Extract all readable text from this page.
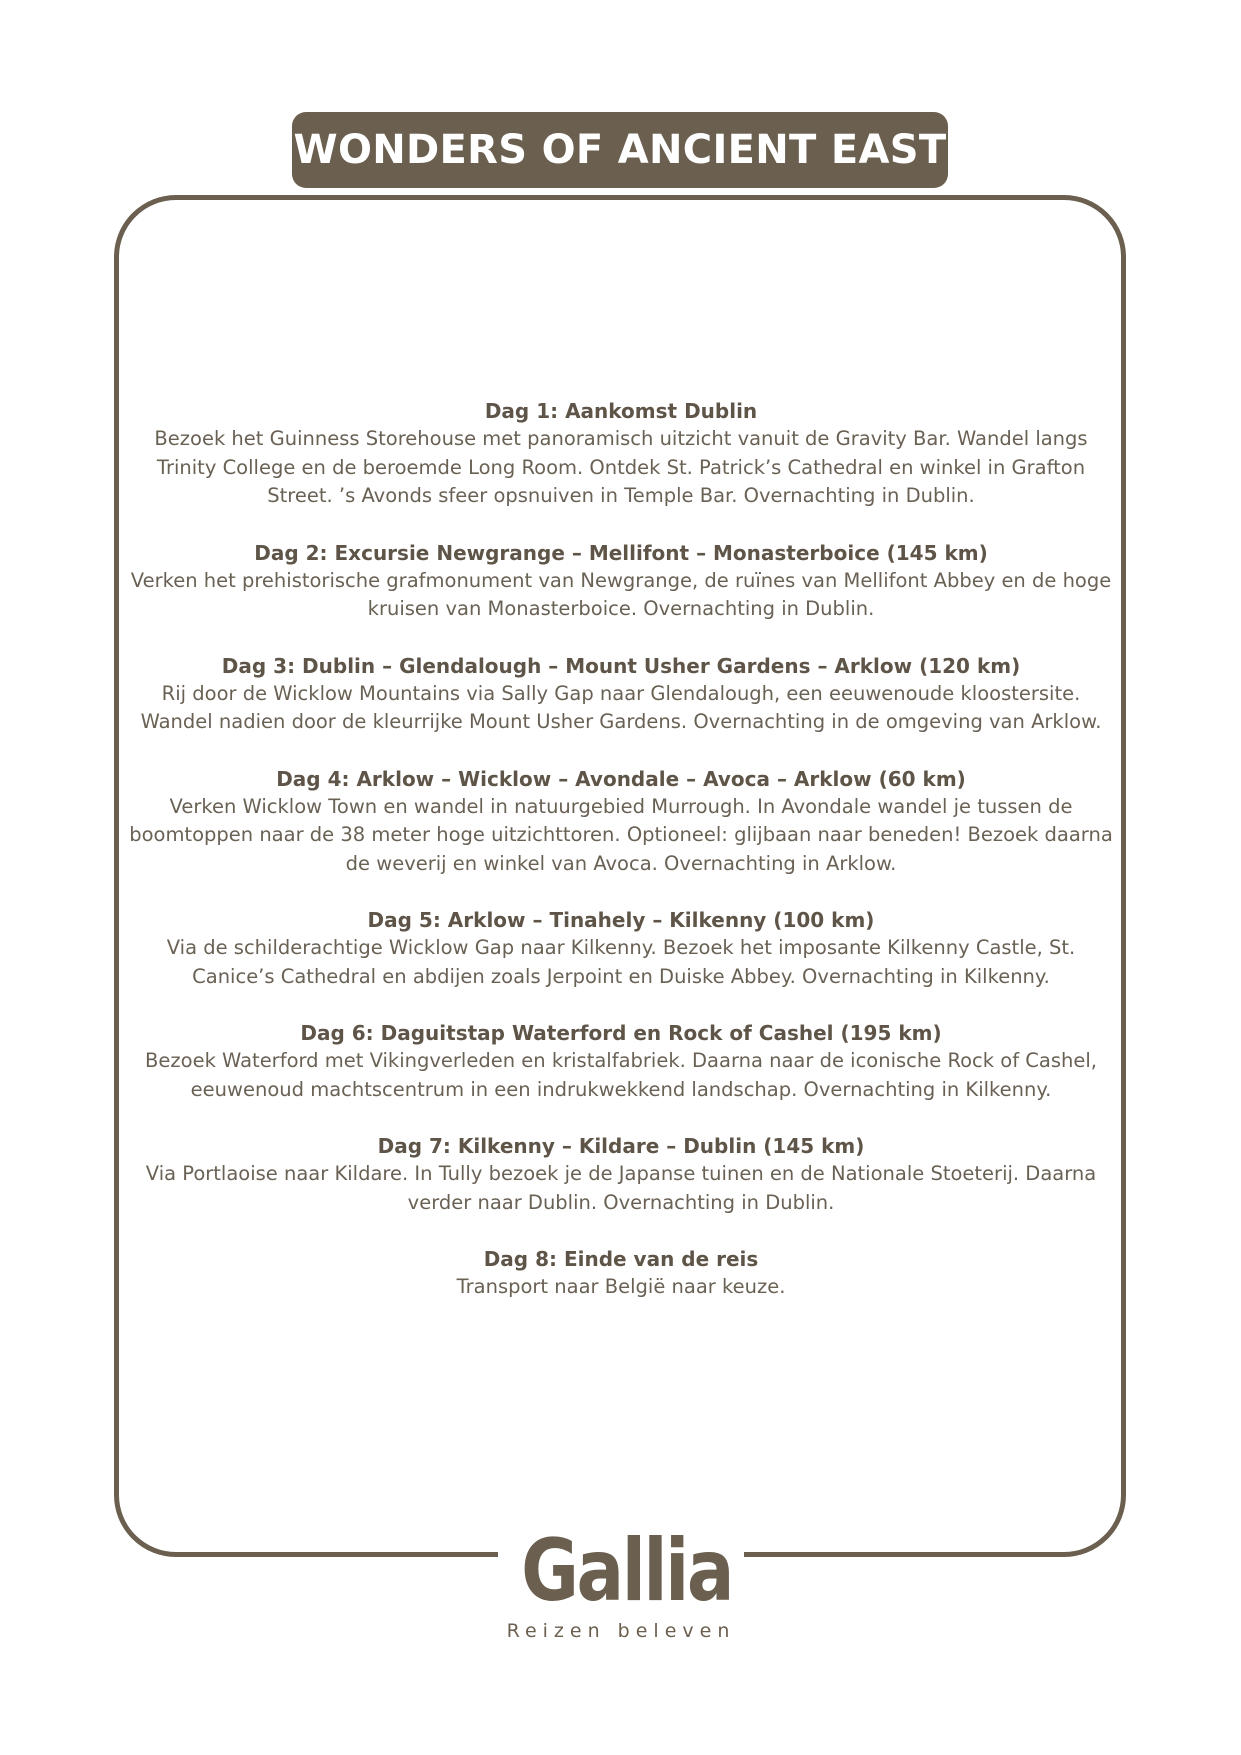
WONDERS OF ANCIENT EAST
Dag 1: Aankomst Dublin
Bezoek het Guinness Storehouse met panoramisch uitzicht vanuit de Gravity Bar. Wandel langs Trinity College en de beroemde Long Room. Ontdek St. Patrick’s Cathedral en winkel in Grafton Street. ’s Avonds sfeer opsnuiven in Temple Bar. Overnachting in Dublin.
Dag 2: Excursie Newgrange – Mellifont – Monasterboice (145 km)
Verken het prehistorische grafmonument van Newgrange, de ruïnes van Mellifont Abbey en de hoge kruisen van Monasterboice. Overnachting in Dublin.
Dag 3: Dublin – Glendalough – Mount Usher Gardens – Arklow (120 km)
Rij door de Wicklow Mountains via Sally Gap naar Glendalough, een eeuwenoude kloostersite. Wandel nadien door de kleurrijke Mount Usher Gardens. Overnachting in de omgeving van Arklow.
Dag 4: Arklow – Wicklow – Avondale – Avoca – Arklow (60 km)
Verken Wicklow Town en wandel in natuurgebied Murrough. In Avondale wandel je tussen de boomtoppen naar de 38 meter hoge uitzichttoren. Optioneel: glijbaan naar beneden! Bezoek daarna de weverij en winkel van Avoca. Overnachting in Arklow.
Dag 5: Arklow – Tinahely – Kilkenny (100 km)
Via de schilderachtige Wicklow Gap naar Kilkenny. Bezoek het imposante Kilkenny Castle, St. Canice’s Cathedral en abdijen zoals Jerpoint en Duiske Abbey. Overnachting in Kilkenny.
Dag 6: Daguitstap Waterford en Rock of Cashel (195 km)
Bezoek Waterford met Vikingverleden en kristalfabriek. Daarna naar de iconische Rock of Cashel, eeuwenoud machtscentrum in een indrukwekkend landschap. Overnachting in Kilkenny.
Dag 7: Kilkenny – Kildare – Dublin (145 km)
Via Portlaoise naar Kildare. In Tully bezoek je de Japanse tuinen en de Nationale Stoeterij. Daarna verder naar Dublin. Overnachting in Dublin.
Dag 8: Einde van de reis
Transport naar België naar keuze.
Gallia
Reizen beleven
